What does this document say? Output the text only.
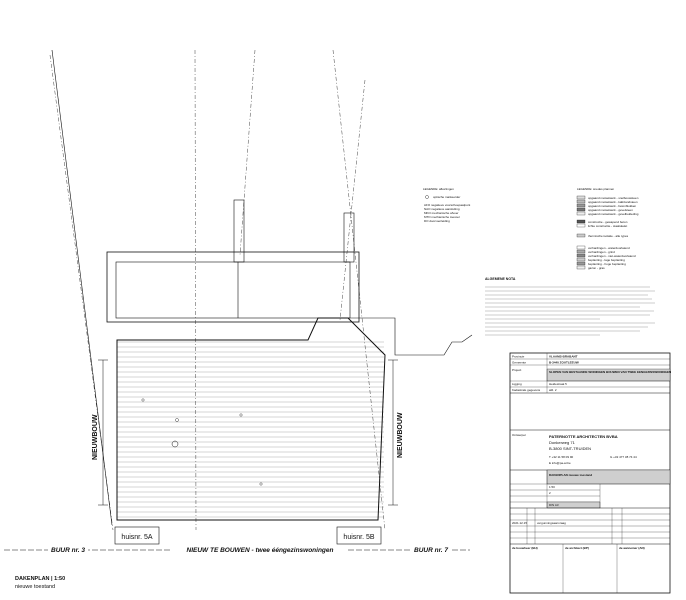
NIEUWBOUW	NIEUWBOUW
huisnr. 5A	huisnr. 5B
BUUR nr. 3	NIEUW TE BOUWEN - twee ééngezinswoningen	BUUR nr. 7
DAKENPLAN | 1:50
nieuwe toestand
LEGENDE: afkortingen
optische markeerder
AFO negatieve voorschoepaalpunt
NAO negatieve aansluiting
MKO mechanische afvoer
MTO mechanische toevoer
DO doorvoerleiding
LEGENDE: snedes plannen
opgaand metselwerk - snelbouwsteen
opgaand metselwerk - kalkzandsteen
opgaand metselwerk - betonblokken
opgaand metselwerk - gevelsteen
opgaand metselwerk - gevelbekleding
constructie - gewapend beton
lichte constructie - staalskelet
thermische isolatie - alle types
verhardingen - waterdoorlatend
verhardingen - grind
verhardingen - niet-waterdoorlatend
beplanting - lage beplanting
beplanting - hoge beplanting
gazon - gras
ALGEMENE NOTA
Provincie	VLAAMS-BRABANT
Gemeente	B-3440 ZOUTLEEUW
Project	SLOPEN VAN BESTAANDE WONINGEN BOUWEN VAN TWEE EENGEZINSWONINGEN
Ligging	Heidestraat 5
Kadastrale gegevens	afd. 2
Ontwerper	PATERNOTTE ARCHITECTEN BVBA
Donkerweg 71
B-3800 SINT-TRUIDEN
T +32 11 58 09 90	G +32 477 38 74 44
E info@pa-ar.be
DAKENPLAN nieuwe toestand
1:50
2
DIN A3
2021.12.15	vergunningsaanvraag
de bouwheer (BH)	de architect (BP)	de aannemer (AN)
